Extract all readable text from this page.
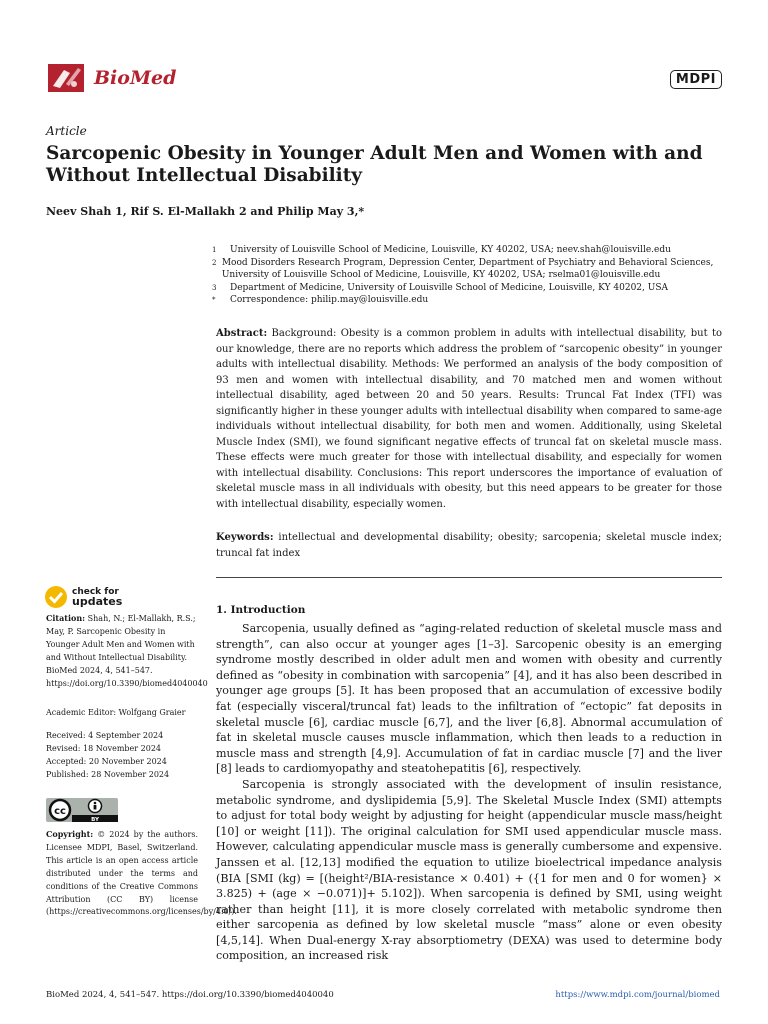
BioMed	MDPI
Article
Sarcopenic Obesity in Younger Adult Men and Women with and Without Intellectual Disability
Neev Shah 1, Rif S. El-Mallakh 2 and Philip May 3,*
1	University of Louisville School of Medicine, Louisville, KY 40202, USA; neev.shah@louisville.edu
2 Mood Disorders Research Program, Depression Center, Department of Psychiatry and Behavioral Sciences, University of Louisville School of Medicine, Louisville, KY 40202, USA; rselma01@louisville.edu
3	Department of Medicine, University of Louisville School of Medicine, Louisville, KY 40202, USA
*	Correspondence: philip.may@louisville.edu
Abstract: Background: Obesity is a common problem in adults with intellectual disability, but to our knowledge, there are no reports which address the problem of “sarcopenic obesity” in younger adults with intellectual disability. Methods: We performed an analysis of the body composition of 93 men and women with intellectual disability, and 70 matched men and women without intellectual disability, aged between 20 and 50 years. Results: Truncal Fat Index (TFI) was significantly higher in these younger adults with intellectual disability when compared to same-age individuals without intellectual disability, for both men and women. Additionally, using Skeletal Muscle Index (SMI), we found significant negative effects of truncal fat on skeletal muscle mass. These effects were much greater for those with intellectual disability, and especially for women with intellectual disability. Conclusions: This report underscores the importance of evaluation of skeletal muscle mass in all individuals with obesity, but this need appears to be greater for those with intellectual disability, especially women.
Keywords: intellectual and developmental disability; obesity; sarcopenia; skeletal muscle index; truncal fat index
check for
updates
Citation: Shah, N.; El-Mallakh, R.S.; May, P. Sarcopenic Obesity in Younger Adult Men and Women with and Without Intellectual Disability. BioMed 2024, 4, 541–547. https://doi.org/10.3390/biomed4040040
Academic Editor: Wolfgang Graier
Received: 4 September 2024
Revised: 18 November 2024
Accepted: 20 November 2024
Published: 28 November 2024
cc
BY
Copyright: © 2024 by the authors. Licensee MDPI, Basel, Switzerland. This article is an open access article distributed under the terms and conditions of the Creative Commons Attribution (CC BY) license (https://creativecommons.org/licenses/by/4.0/).
1. Introduction

Sarcopenia, usually defined as “aging-related reduction of skeletal muscle mass and strength”, can also occur at younger ages [1–3]. Sarcopenic obesity is an emerging syndrome mostly described in older adult men and women with obesity and currently defined as “obesity in combination with sarcopenia” [4], and it has also been described in younger age groups [5]. It has been proposed that an accumulation of excessive bodily fat (especially visceral/truncal fat) leads to the infiltration of “ectopic” fat deposits in skeletal muscle [6], cardiac muscle [6,7], and the liver [6,8]. Abnormal accumulation of fat in skeletal muscle causes muscle inflammation, which then leads to a reduction in muscle mass and strength [4,9]. Accumulation of fat in cardiac muscle [7] and the liver [8] leads to cardiomyopathy and steatohepatitis [6], respectively.

Sarcopenia is strongly associated with the development of insulin resistance, metabolic syndrome, and dyslipidemia [5,9]. The Skeletal Muscle Index (SMI) attempts to adjust for total body weight by adjusting for height (appendicular muscle mass/height [10] or weight [11]). The original calculation for SMI used appendicular muscle mass. However, calculating appendicular muscle mass is generally cumbersome and expensive. Janssen et al. [12,13] modified the equation to utilize bioelectrical impedance analysis (BIA [SMI (kg) = [(height²/BIA-resistance × 0.401) + ({1 for men and 0 for women} × 3.825) + (age × −0.071)]+ 5.102]). When sarcopenia is defined by SMI, using weight rather than height [11], it is more closely correlated with metabolic syndrome then either sarcopenia as defined by low skeletal muscle “mass” alone or even obesity [4,5,14]. When Dual-energy X-ray absorptiometry (DEXA) was used to determine body composition, an increased risk

BioMed 2024, 4, 541–547. https://doi.org/10.3390/biomed4040040	https://www.mdpi.com/journal/biomed
